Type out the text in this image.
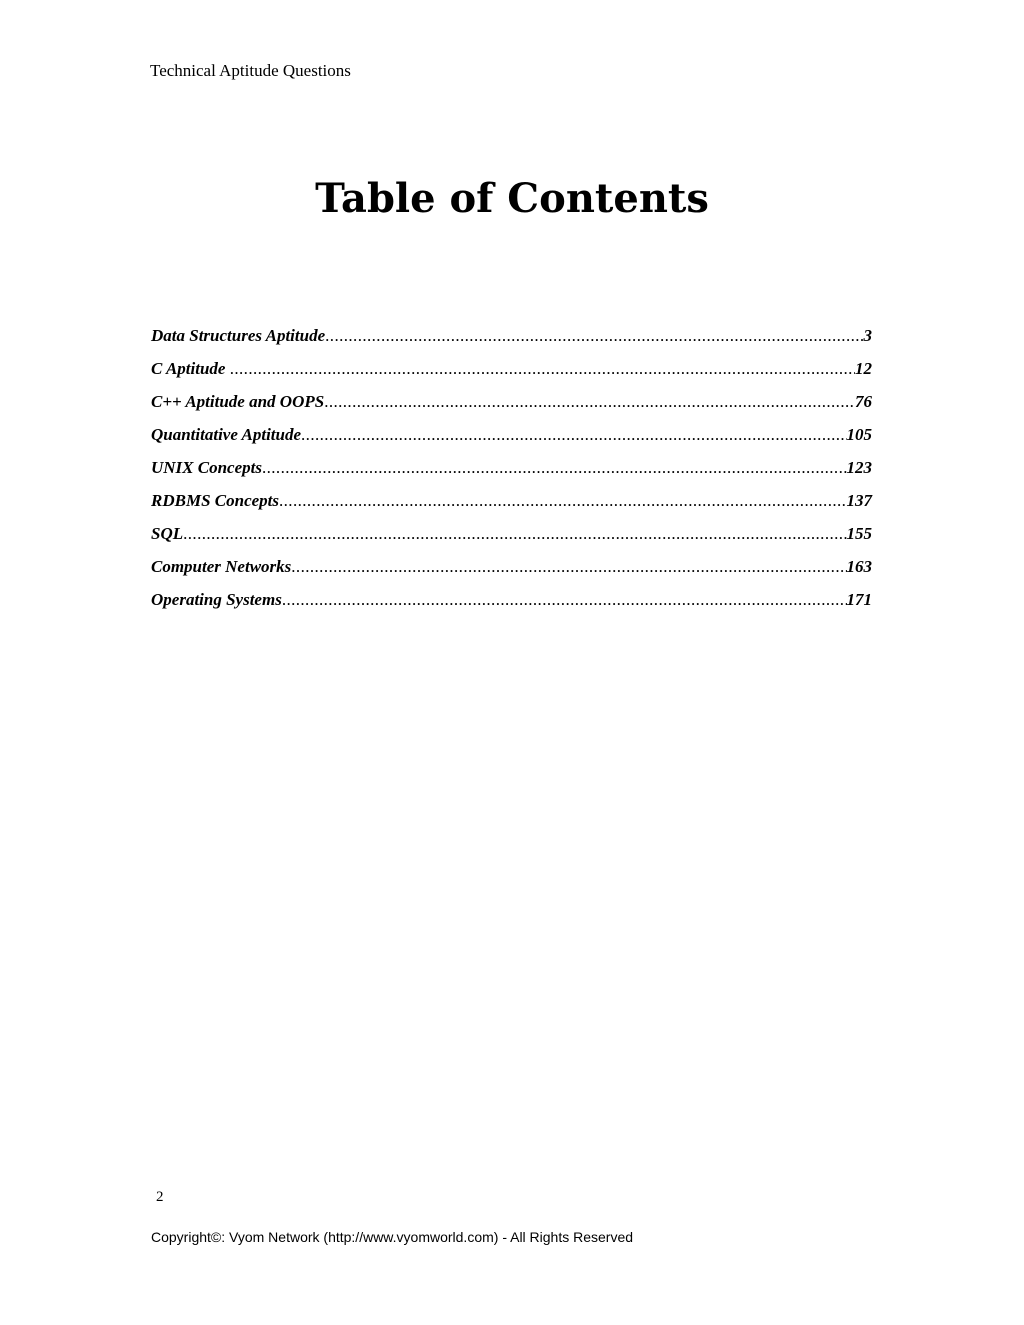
Technical Aptitude Questions
Table of Contents
Data Structures Aptitude .....	3
C Aptitude .....	12
C++ Aptitude and OOPS .....	76
Quantitative Aptitude .....	105
UNIX Concepts .....	123
RDBMS Concepts .....	137
SQL .....	155
Computer Networks .....	163
Operating Systems .....	171
2
Copyright©: Vyom Network (http://www.vyomworld.com) - All Rights Reserved
